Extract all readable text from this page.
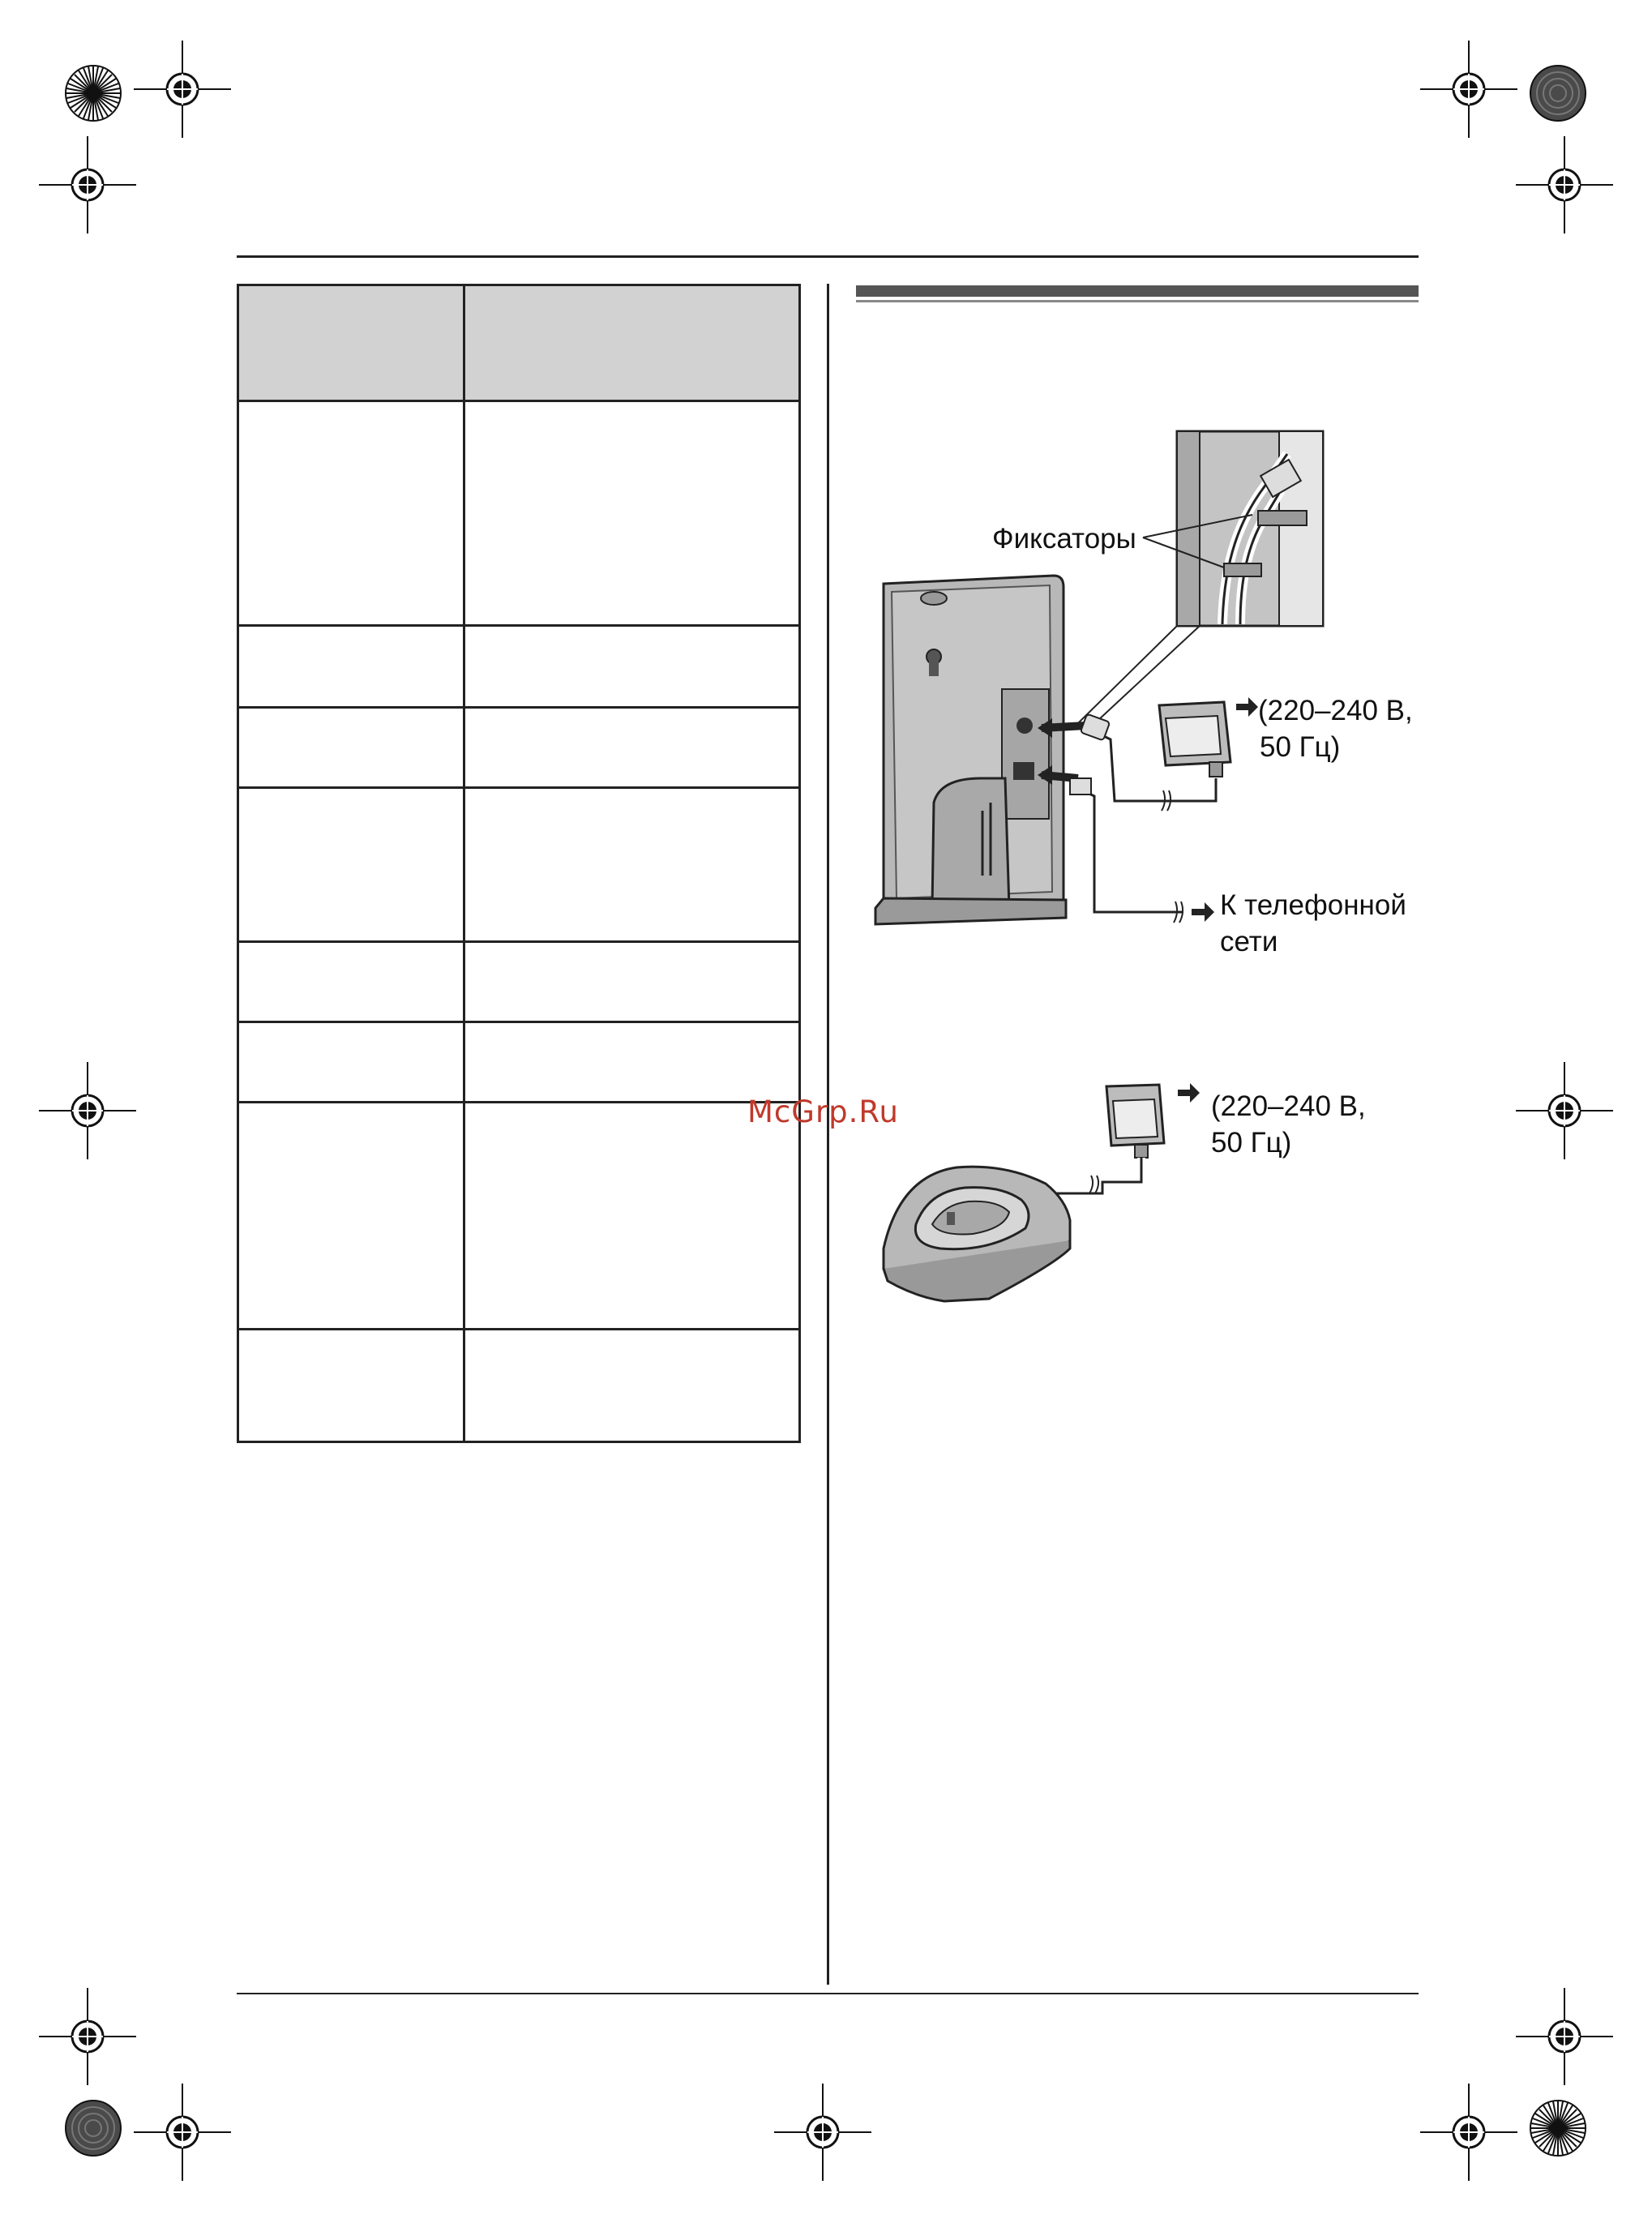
McGrp.Ru
Фиксаторы
(220–240 В,
50 Гц)
К телефонной
сети
(220–240 В,
50 Гц)
